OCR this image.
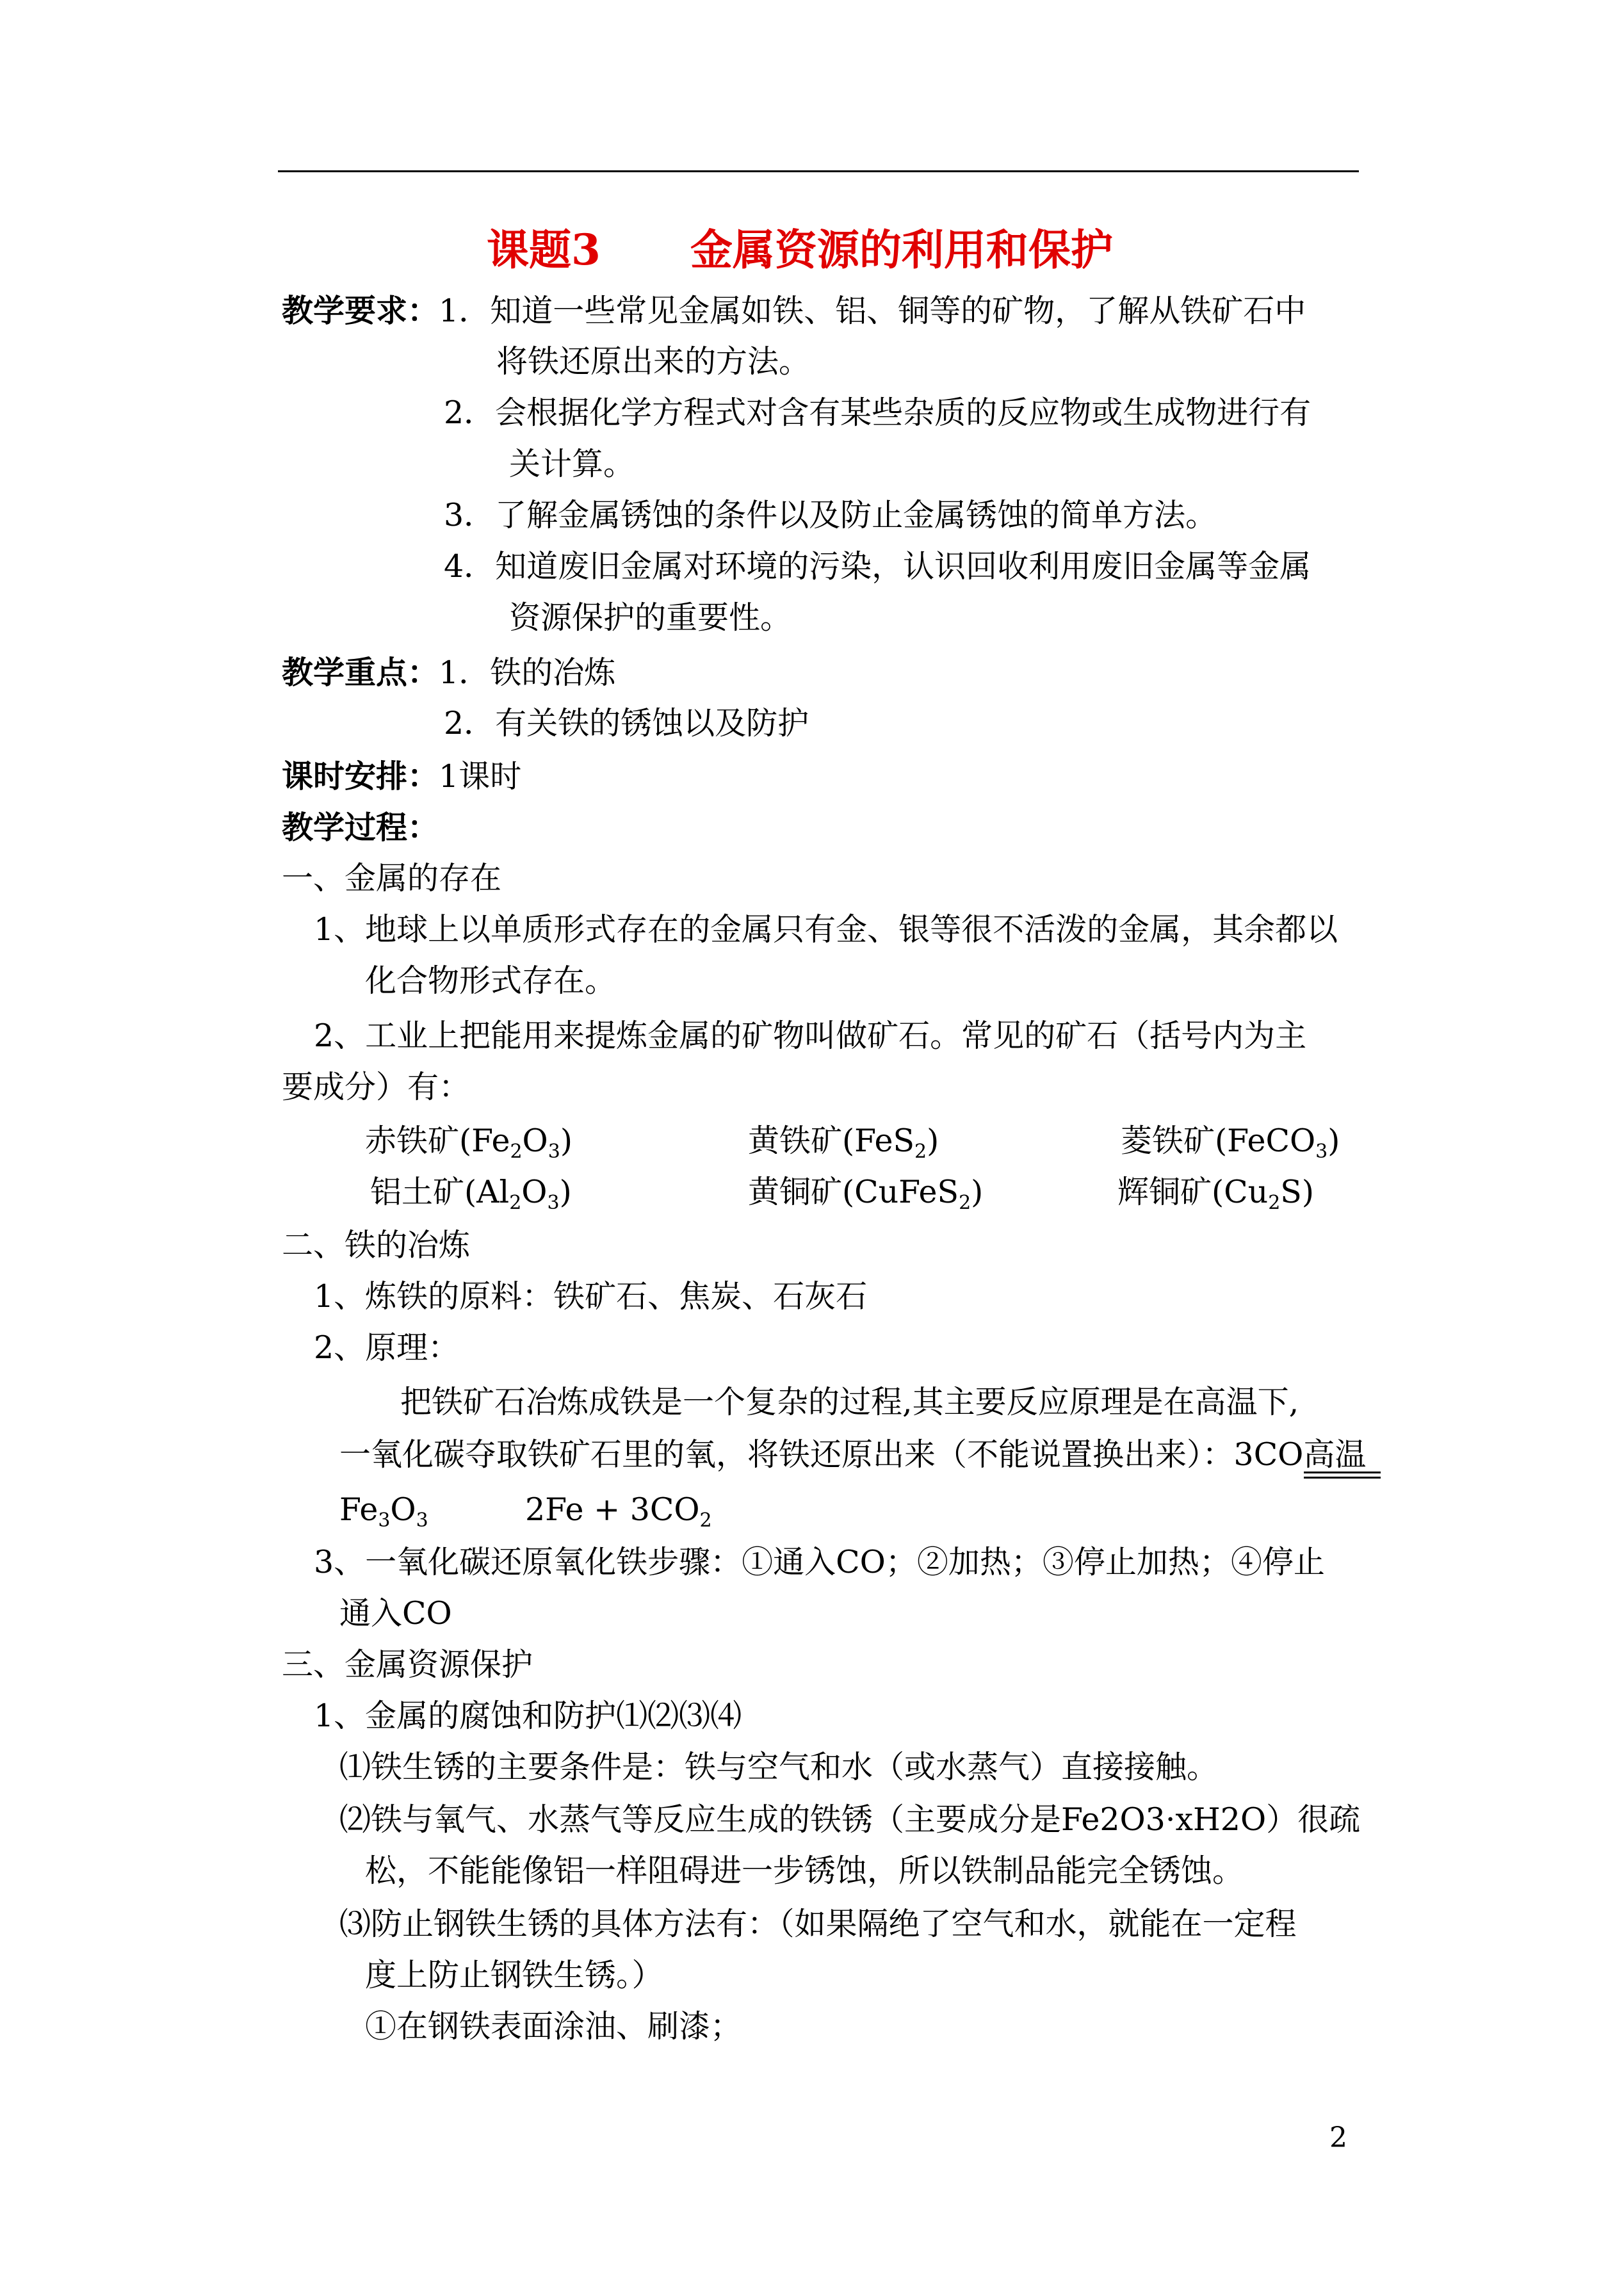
课题3 金属资源的利用和保护
教学要求：1．知道一些常见金属如铁、铝、铜等的矿物，了解从铁矿石中
将铁还原出来的方法。
2．会根据化学方程式对含有某些杂质的反应物或生成物进行有
关计算。
3．了解金属锈蚀的条件以及防止金属锈蚀的简单方法。
4．知道废旧金属对环境的污染，认识回收利用废旧金属等金属
资源保护的重要性。
教学重点：1．铁的冶炼
2．有关铁的锈蚀以及防护
课时安排：1课时
教学过程：
一、金属的存在
1、地球上以单质形式存在的金属只有金、银等很不活泼的金属，其余都以
化合物形式存在。
2、工业上把能用来提炼金属的矿物叫做矿石。常见的矿石（括号内为主
要成分）有：
赤铁矿$(Fe_2O_3)$	黄铁矿(FeS$_2$)	菱铁矿(FeCO$_3$)
铝土矿$(Al_2O_3)$	黄铜矿(CuFeS$_2$)	辉铜矿$(Cu_2S)$
二、铁的冶炼
1、炼铁的原料：铁矿石、焦炭、石灰石
2、原理：
把铁矿石冶炼成铁是一个复杂的过程,其主要反应原理是在高温下,
一氧化碳夺取铁矿石里的氧，将铁还原出来（不能说置换出来）：3CO高温
$Fe_3O_3$	$2Fe + 3CO_2$
3、一氧化碳还原氧化铁步骤：①通入CO；②加热；③停止加热；④停止
通入CO
三、金属资源保护
1、金属的腐蚀和防护⑴⑵⑶⑷
⑴铁生锈的主要条件是：铁与空气和水（或水蒸气）直接接触。
⑵铁与氧气、水蒸气等反应生成的铁锈（主要成分是Fe2O3·xH2O）很疏
松，不能能像铝一样阻碍进一步锈蚀，所以铁制品能完全锈蚀。
⑶防止钢铁生锈的具体方法有：（如果隔绝了空气和水，就能在一定程
度上防止钢铁生锈。）
①在钢铁表面涂油、刷漆；
2
